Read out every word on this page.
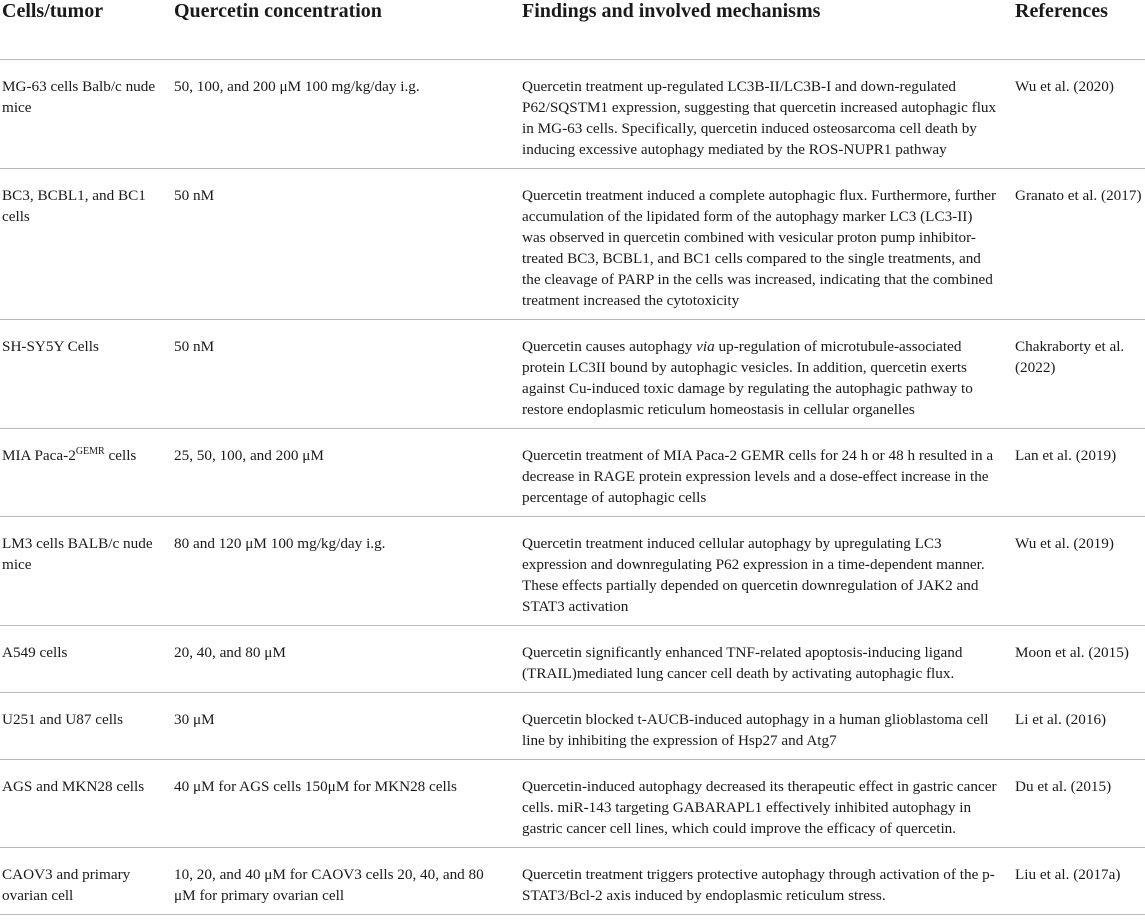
Cells/tumor	Quercetin concentration	Findings and involved mechanisms	References
MG-63 cells Balb/c nude mice	50, 100, and 200 μM 100 mg/kg/day i.g.	Quercetin treatment up-regulated LC3B-II/LC3B-I and down-regulated P62/SQSTM1 expression, suggesting that quercetin increased autophagic flux in MG-63 cells. Specifically, quercetin induced osteosarcoma cell death by inducing excessive autophagy mediated by the ROS-NUPR1 pathway	Wu et al. (2020)
BC3, BCBL1, and BC1 cells	50 nM	Quercetin treatment induced a complete autophagic flux. Furthermore, further accumulation of the lipidated form of the autophagy marker LC3 (LC3-II) was observed in quercetin combined with vesicular proton pump inhibitor-treated BC3, BCBL1, and BC1 cells compared to the single treatments, and the cleavage of PARP in the cells was increased, indicating that the combined treatment increased the cytotoxicity	Granato et al. (2017)
SH-SY5Y Cells	50 nM	Quercetin causes autophagy via up-regulation of microtubule-associated protein LC3II bound by autophagic vesicles. In addition, quercetin exerts against Cu-induced toxic damage by regulating the autophagic pathway to restore endoplasmic reticulum homeostasis in cellular organelles	Chakraborty et al. (2022)
MIA Paca-$2^{GEMR}$ cells	25, 50, 100, and 200 μM	Quercetin treatment of MIA Paca-2 GEMR cells for 24 h or 48 h resulted in a decrease in RAGE protein expression levels and a dose-effect increase in the percentage of autophagic cells	Lan et al. (2019)
LM3 cells BALB/c nude mice	80 and 120 μM 100 mg/kg/day i.g.	Quercetin treatment induced cellular autophagy by upregulating LC3 expression and downregulating P62 expression in a time-dependent manner. These effects partially depended on quercetin downregulation of JAK2 and STAT3 activation	Wu et al. (2019)
A549 cells	20, 40, and 80 μM	Quercetin significantly enhanced TNF-related apoptosis-inducing ligand (TRAIL)mediated lung cancer cell death by activating autophagic flux.	Moon et al. (2015)
U251 and U87 cells	30 μM	Quercetin blocked t-AUCB-induced autophagy in a human glioblastoma cell line by inhibiting the expression of Hsp27 and Atg7	Li et al. (2016)
AGS and MKN28 cells	40 μM for AGS cells 150μM for MKN28 cells	Quercetin-induced autophagy decreased its therapeutic effect in gastric cancer cells. miR-143 targeting GABARAPL1 effectively inhibited autophagy in gastric cancer cell lines, which could improve the efficacy of quercetin.	Du et al. (2015)
CAOV3 and primary ovarian cell	10, 20, and 40 μM for CAOV3 cells 20, 40, and 80 μM for primary ovarian cell	Quercetin treatment triggers protective autophagy through activation of the p-STAT3/Bcl-2 axis induced by endoplasmic reticulum stress.	Liu et al. (2017a)
